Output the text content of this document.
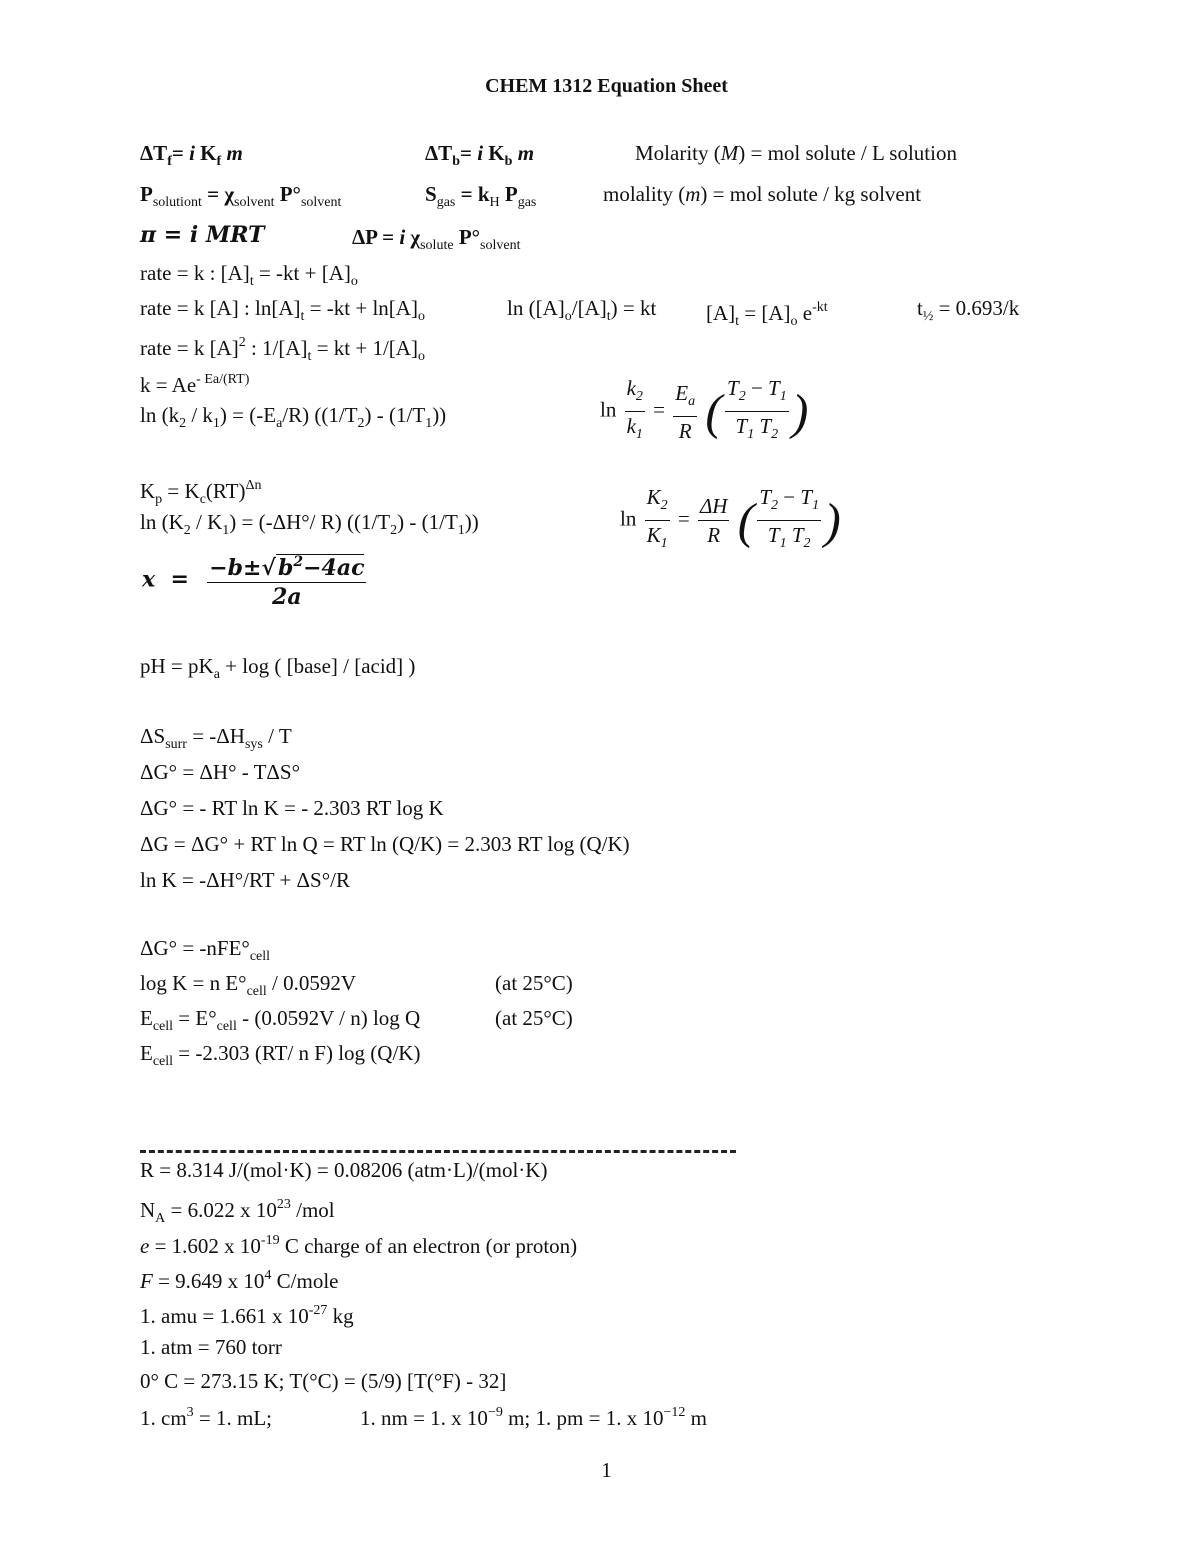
CHEM 1312 Equation Sheet
$\Delta T_f= i$ $K_f$ m	$\Delta T_b= i$ $K_b$ m	Molarity (M) = mol solute / L solution
$P_{solutiont} = \chi_{solvent}$ $P^\circ_{solvent}$	$S_{gas} = k_H$ $P_{gas}$	molality (m) = mol solute / kg solvent
π = i MRT	ΔP = i $\chi_{solute}$ $P^\circ_{solvent}$
rate = k : $[A]_t = -kt + [A]_o$
rate = k [A] : $\ln[A]_t = -kt + \ln[A]_o$	$\ln ([A]_o/[A]_t)$ = kt $[A]_t = [A]_o$ $e^{-kt}$	$t_{\frac{1}{2}} = 0.693/k$
rate = k $[A]^2$ : $1/[A]_t$ = kt + $1/[A]_o$
$k = Ae^{- Ea/(RT)}$
$\ln (k_2 / k_1) = (-E_a/R)$ $((1/T_2) - (1/T_1))$	$\ln \frac{k_2}{k_1} = \frac{E_a}{R}$ ( $\frac{T_2 - T_1}{T_1 T_2}$ )
$K_p = K_c(RT)^{\Delta n}$
$\ln (K_2 / K_1) = (-\Delta H^\circ/$ R) $((1/T_2) - (1/T_1))$	$\ln \frac{K_2}{K_1} = \frac{\Delta H}{R}$ ( $\frac{T_2 - T_1}{T_1 T_2}$ )
$x = \frac{-b\pm√b^2-4ac}{2a}$
pH = $pK_a + \log$ ( [base] / [acid] )
$\Delta S_{surr} = -\Delta H_{sys} / T$
ΔG° = ΔH° - TΔS°
ΔG° = - RT ln K = - 2.303 RT log K
ΔG = ΔG° + RT ln Q = RT ln (Q/K) = 2.303 RT log (Q/K)
ln K = -ΔH°/RT + ΔS°/R
$\Delta G^\circ = -nFE^\circ_{cell}$
log K = n $E^\circ_{cell} / 0.0592V$	(at 25°C)
$E_{cell} = E^\circ_{cell} - (0.0592V / n)$ log Q	(at 25°C)
$E_{cell} = -2.303$ (RT/ n F) log (Q/K)
R = 8.314 J/(mol·K) = 0.08206 (atm·L)/(mol·K)
$N_A = 6.022$ x $10^{23}$ /mol
e = 1.602 x $10^{-19}$ C charge of an electron (or proton)
F = 9.649 x $10^4$ C/mole
1. amu = 1.661 x $10^{-27}$ kg
1. atm = 760 torr
0° C = 273.15 K; T(°C) = (5/9) [T(°F) - 32]
1. $cm^3 = 1$. mL;	1. nm = 1. x $10^{-9}$ m; 1. pm = 1. x $10^{-12}$ m
1
